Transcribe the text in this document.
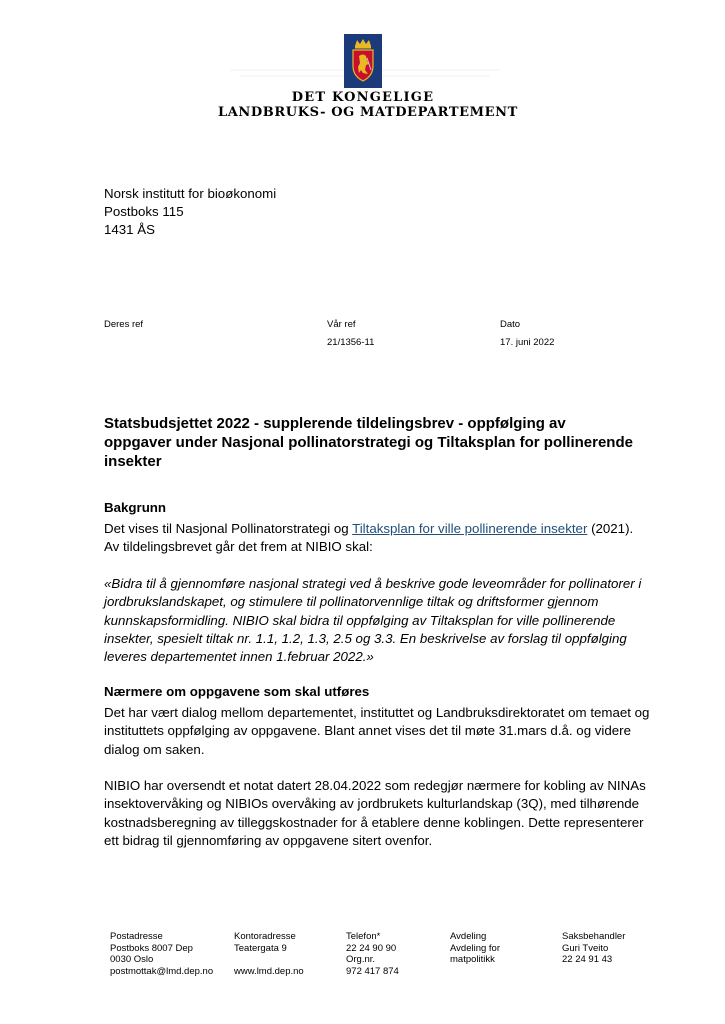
DET KONGELIGE
LANDBRUKS- OG MATDEPARTEMENT
Norsk institutt for bioøkonomi
Postboks 115
1431 ÅS
Deres ref	Vår ref
21/1356-11
Dato
17. juni 2022
Statsbudsjettet 2022 - supplerende tildelingsbrev - oppfølging av oppgaver under Nasjonal pollinatorstrategi og Tiltaksplan for pollinerende insekter
Bakgrunn
Det vises til Nasjonal Pollinatorstrategi og Tiltaksplan for ville pollinerende insekter (2021).
Av tildelingsbrevet går det frem at NIBIO skal:
«Bidra til å gjennomføre nasjonal strategi ved å beskrive gode leveområder for pollinatorer i jordbrukslandskapet, og stimulere til pollinatorvennlige tiltak og driftsformer gjennom kunnskapsformidling. NIBIO skal bidra til oppfølging av Tiltaksplan for ville pollinerende insekter, spesielt tiltak nr. 1.1, 1.2, 1.3, 2.5 og 3.3. En beskrivelse av forslag til oppfølging leveres departementet innen 1.februar 2022.»
Nærmere om oppgavene som skal utføres
Det har vært dialog mellom departementet, instituttet og Landbruksdirektoratet om temaet og instituttets oppfølging av oppgavene. Blant annet vises det til møte 31.mars d.å. og videre dialog om saken.
NIBIO har oversendt et notat datert 28.04.2022 som redegjør nærmere for kobling av NINAs insektovervåking og NIBIOs overvåking av jordbrukets kulturlandskap (3Q), med tilhørende kostnadsberegning av tilleggskostnader for å etablere denne koblingen. Dette representerer ett bidrag til gjennomføring av oppgavene sitert ovenfor.
Postadresse
Postboks 8007 Dep
0030 Oslo
postmottak@lmd.dep.no
Kontoradresse
Teatergata 9

www.lmd.dep.no
Telefon*
22 24 90 90
Org.nr.
972 417 874
Avdeling
Avdeling for
matpolitikk
Saksbehandler
Guri Tveito
22 24 91 43
